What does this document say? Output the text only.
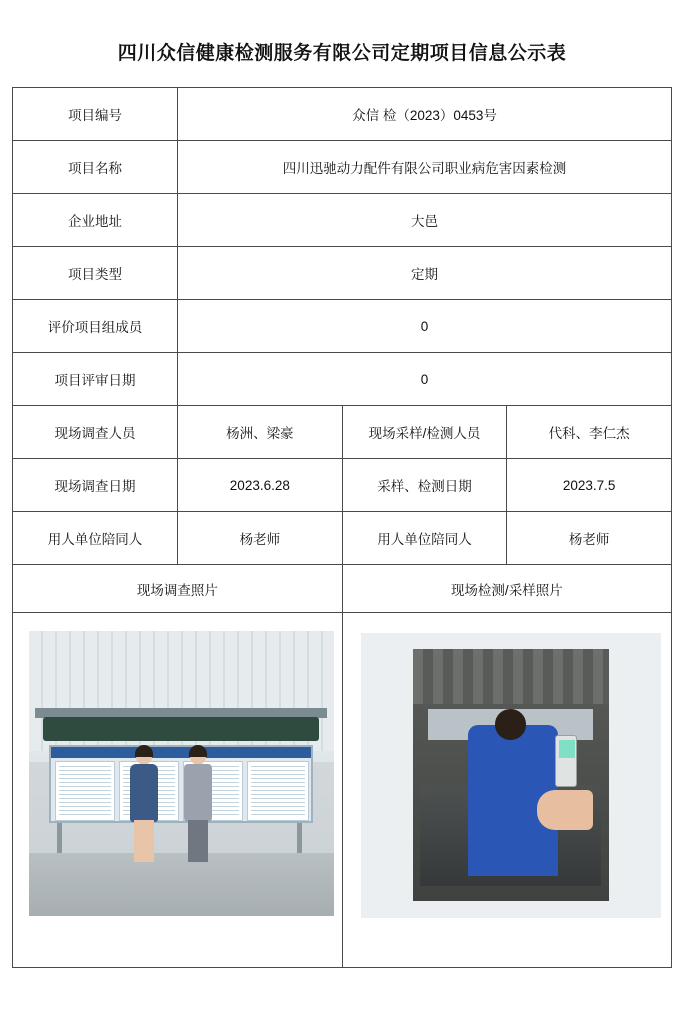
四川众信健康检测服务有限公司定期项目信息公示表
项目编号	众信 检（2023）0453号		
项目名称	四川迅驰动力配件有限公司职业病危害因素检测		
企业地址	大邑		
项目类型	定期		
评价项目组成员	0		
项目评审日期	0		
现场调查人员	杨洲、梁豪	现场采样/检测人员	代科、李仁杰
现场调查日期	2023.6.28	采样、检测日期	2023.7.5
用人单位陪同人	杨老师	用人单位陪同人	杨老师
现场调查照片		现场检测/采样照片	
